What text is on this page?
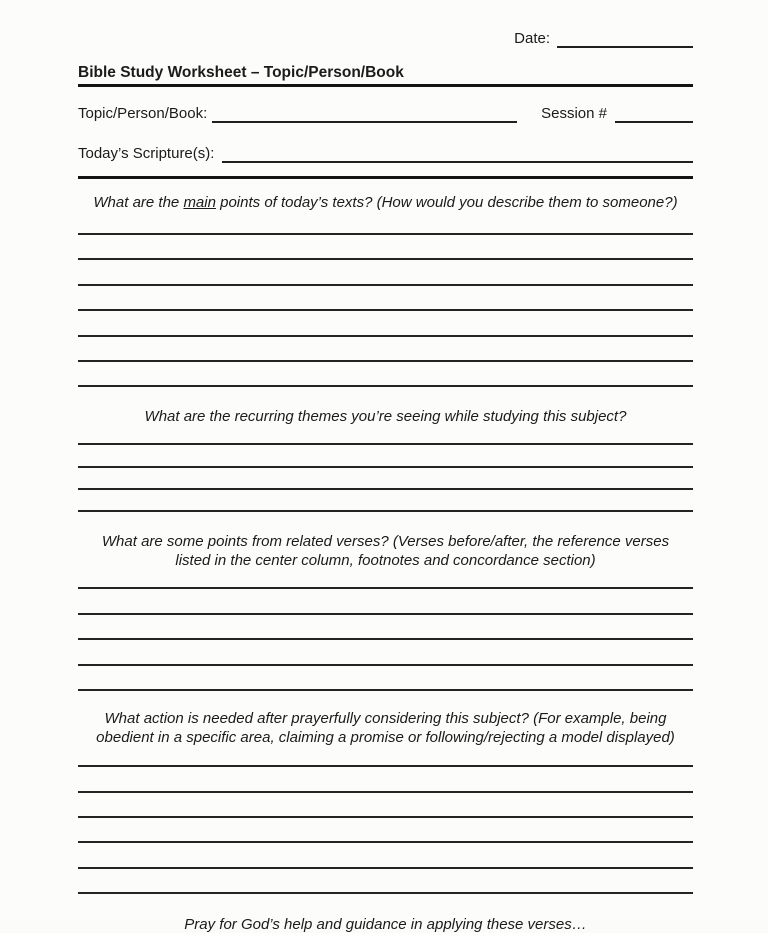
Date:
Bible Study Worksheet – Topic/Person/Book
Topic/Person/Book:	Session #
Today’s Scripture(s):
What are the main points of today’s texts? (How would you describe them to someone?)
What are the recurring themes you’re seeing while studying this subject?
What are some points from related verses? (Verses before/after, the reference verses
listed in the center column, footnotes and concordance section)
What action is needed after prayerfully considering this subject? (For example, being
obedient in a specific area, claiming a promise or following/rejecting a model displayed)
Pray for God’s help and guidance in applying these verses…
